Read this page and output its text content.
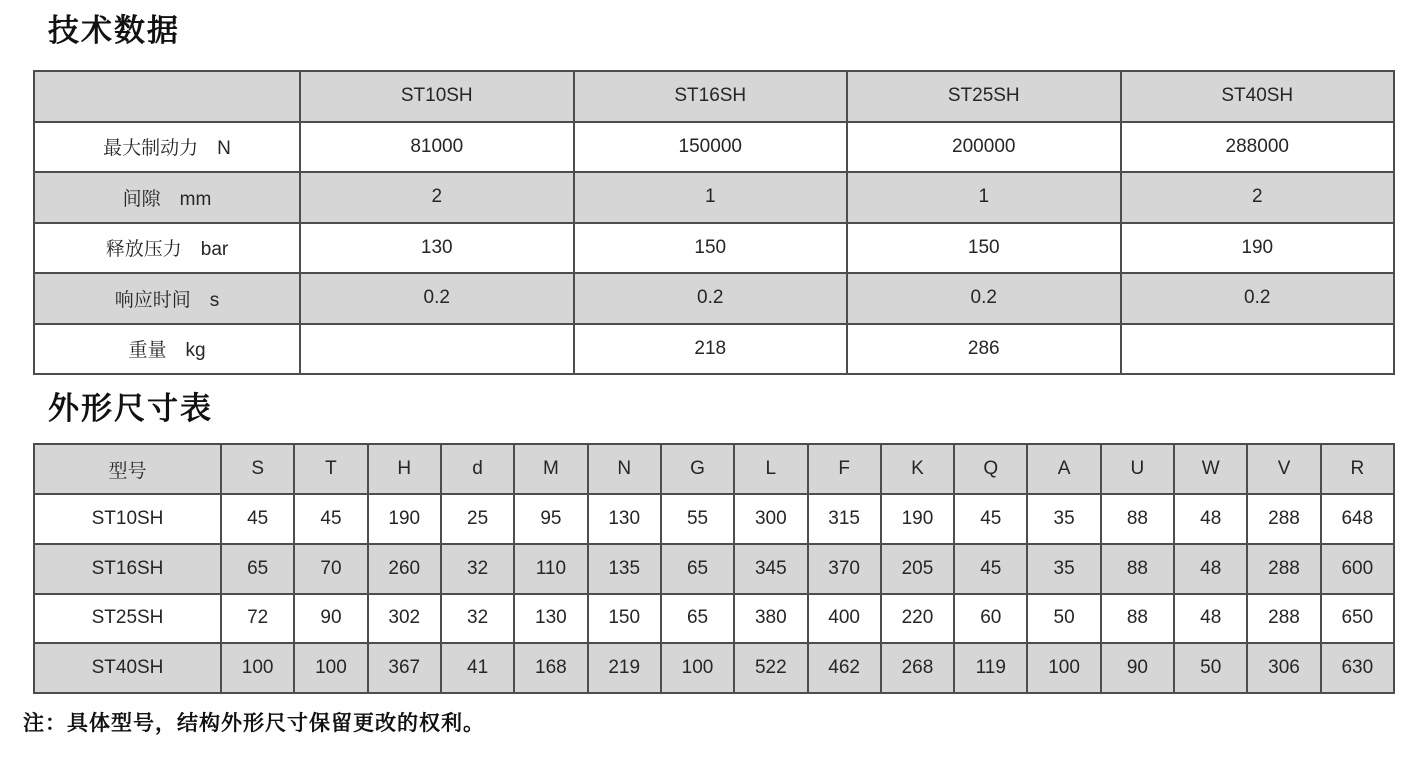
技术数据
	ST10SH	ST16SH	ST25SH	ST40SH
最大制动力　N	81000	150000	200000	288000
间隙　mm	2	1	1	2
释放压力　bar	130	150	150	190
响应时间　s	0.2	0.2	0.2	0.2
重量　kg		218	286	
外形尺寸表
型号	S	T	H	d	M	N	G	L	F	K	Q	A	U	W	V	R
ST10SH	45	45	190	25	95	130	55	300	315	190	45	35	88	48	288	648
ST16SH	65	70	260	32	110	135	65	345	370	205	45	35	88	48	288	600
ST25SH	72	90	302	32	130	150	65	380	400	220	60	50	88	48	288	650
ST40SH	100	100	367	41	168	219	100	522	462	268	119	100	90	50	306	630

注：具体型号，结构外形尺寸保留更改的权利。
